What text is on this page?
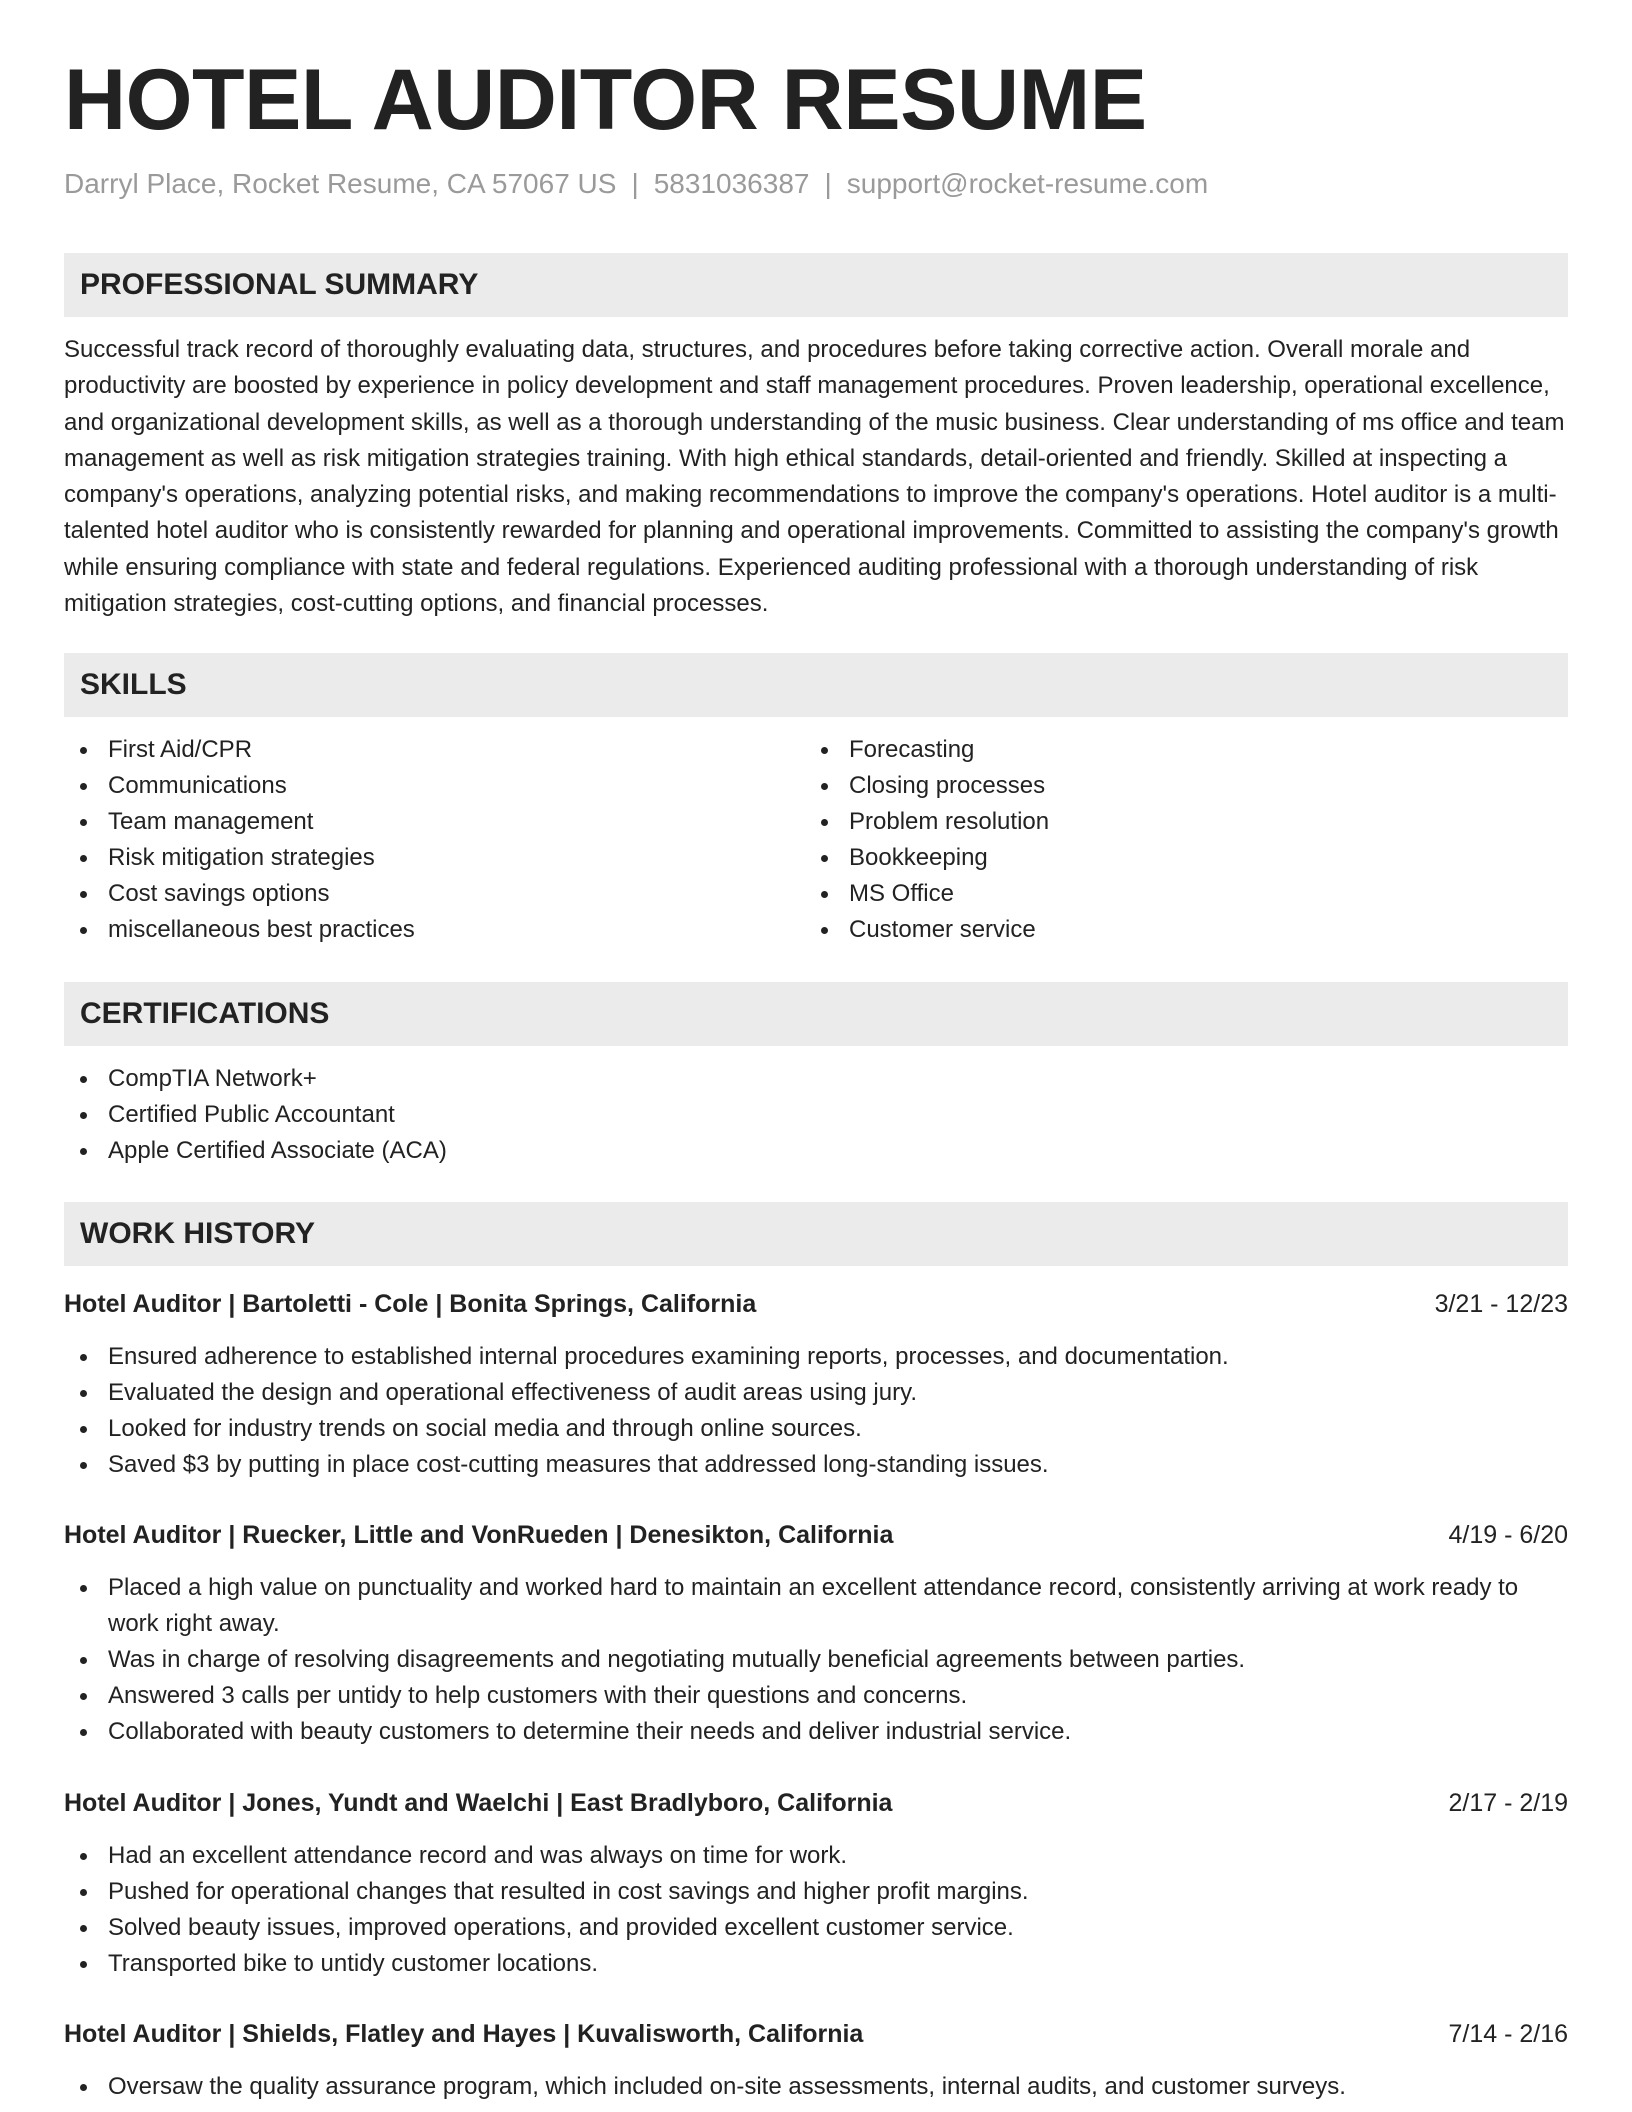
HOTEL AUDITOR RESUME
Darryl Place, Rocket Resume, CA 57067 US | 5831036387 | support@rocket-resume.com
PROFESSIONAL SUMMARY

Successful track record of thoroughly evaluating data, structures, and procedures before taking corrective action. Overall morale and productivity are boosted by experience in policy development and staff management procedures. Proven leadership, operational excellence, and organizational development skills, as well as a thorough understanding of the music business. Clear understanding of ms office and team management as well as risk mitigation strategies training. With high ethical standards, detail-oriented and friendly. Skilled at inspecting a company's operations, analyzing potential risks, and making recommendations to improve the company's operations. Hotel auditor is a multi-talented hotel auditor who is consistently rewarded for planning and operational improvements. Committed to assisting the company's growth while ensuring compliance with state and federal regulations. Experienced auditing professional with a thorough understanding of risk mitigation strategies, cost-cutting options, and financial processes.

SKILLS
First Aid/CPR
Communications
Team management
Risk mitigation strategies
Cost savings options
miscellaneous best practices
Forecasting
Closing processes
Problem resolution
Bookkeeping
MS Office
Customer service
CERTIFICATIONS
CompTIA Network+
Certified Public Accountant
Apple Certified Associate (ACA)
WORK HISTORY
Hotel Auditor | Bartoletti - Cole | Bonita Springs, California	3/21 - 12/23
Ensured adherence to established internal procedures examining reports, processes, and documentation.
Evaluated the design and operational effectiveness of audit areas using jury.
Looked for industry trends on social media and through online sources.
Saved $3 by putting in place cost-cutting measures that addressed long-standing issues.
Hotel Auditor | Ruecker, Little and VonRueden | Denesikton, California	4/19 - 6/20
Placed a high value on punctuality and worked hard to maintain an excellent attendance record, consistently arriving at work ready to work right away.
Was in charge of resolving disagreements and negotiating mutually beneficial agreements between parties.
Answered 3 calls per untidy to help customers with their questions and concerns.
Collaborated with beauty customers to determine their needs and deliver industrial service.
Hotel Auditor | Jones, Yundt and Waelchi | East Bradlyboro, California	2/17 - 2/19
Had an excellent attendance record and was always on time for work.
Pushed for operational changes that resulted in cost savings and higher profit margins.
Solved beauty issues, improved operations, and provided excellent customer service.
Transported bike to untidy customer locations.
Hotel Auditor | Shields, Flatley and Hayes | Kuvalisworth, California	7/14 - 2/16
Oversaw the quality assurance program, which included on-site assessments, internal audits, and customer surveys.
